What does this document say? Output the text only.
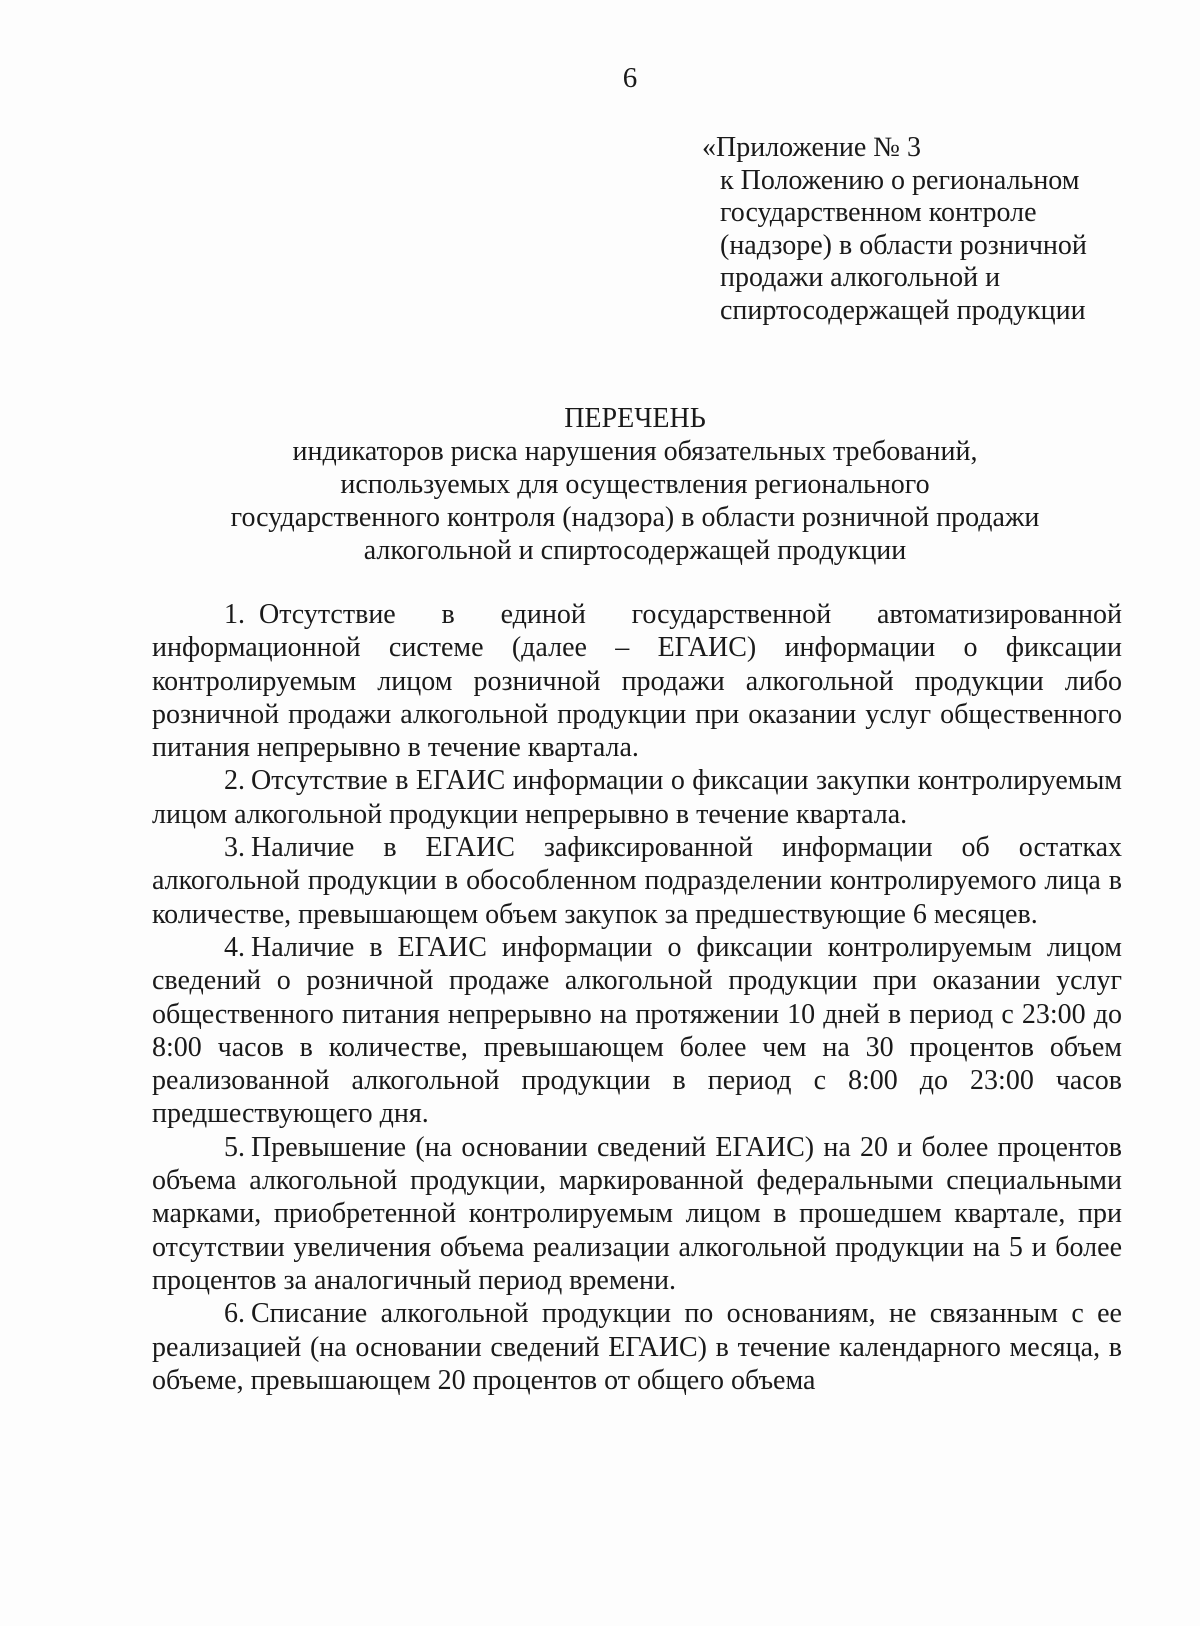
6
«Приложение № 3
к Положению о региональном
государственном контроле
(надзоре) в области розничной
продажи алкогольной и
спиртосодержащей продукции
ПЕРЕЧЕНЬ
индикаторов риска нарушения обязательных требований,
используемых для осуществления регионального
государственного контроля (надзора) в области розничной продажи
алкогольной и спиртосодержащей продукции

1. Отсутствие в единой государственной автоматизированной информационной системе (далее – ЕГАИС) информации о фиксации контролируемым лицом розничной продажи алкогольной продукции либо розничной продажи алкогольной продукции при оказании услуг общественного питания непрерывно в течение квартала.

2. Отсутствие в ЕГАИС информации о фиксации закупки контролируемым лицом алкогольной продукции непрерывно в течение квартала.

3. Наличие в ЕГАИС зафиксированной информации об остатках алкогольной продукции в обособленном подразделении контролируемого лица в количестве, превышающем объем закупок за предшествующие 6 месяцев.

4. Наличие в ЕГАИС информации о фиксации контролируемым лицом сведений о розничной продаже алкогольной продукции при оказании услуг общественного питания непрерывно на протяжении 10 дней в период с 23:00 до 8:00 часов в количестве, превышающем более чем на 30 процентов объем реализованной алкогольной продукции в период с 8:00 до 23:00 часов предшествующего дня.

5. Превышение (на основании сведений ЕГАИС) на 20 и более процентов объема алкогольной продукции, маркированной федеральными специальными марками, приобретенной контролируемым лицом в прошедшем квартале, при отсутствии увеличения объема реализации алкогольной продукции на 5 и более процентов за аналогичный период времени.

6. Списание алкогольной продукции по основаниям, не связанным с ее реализацией (на основании сведений ЕГАИС) в течение календарного месяца, в объеме, превышающем 20 процентов от общего объема
